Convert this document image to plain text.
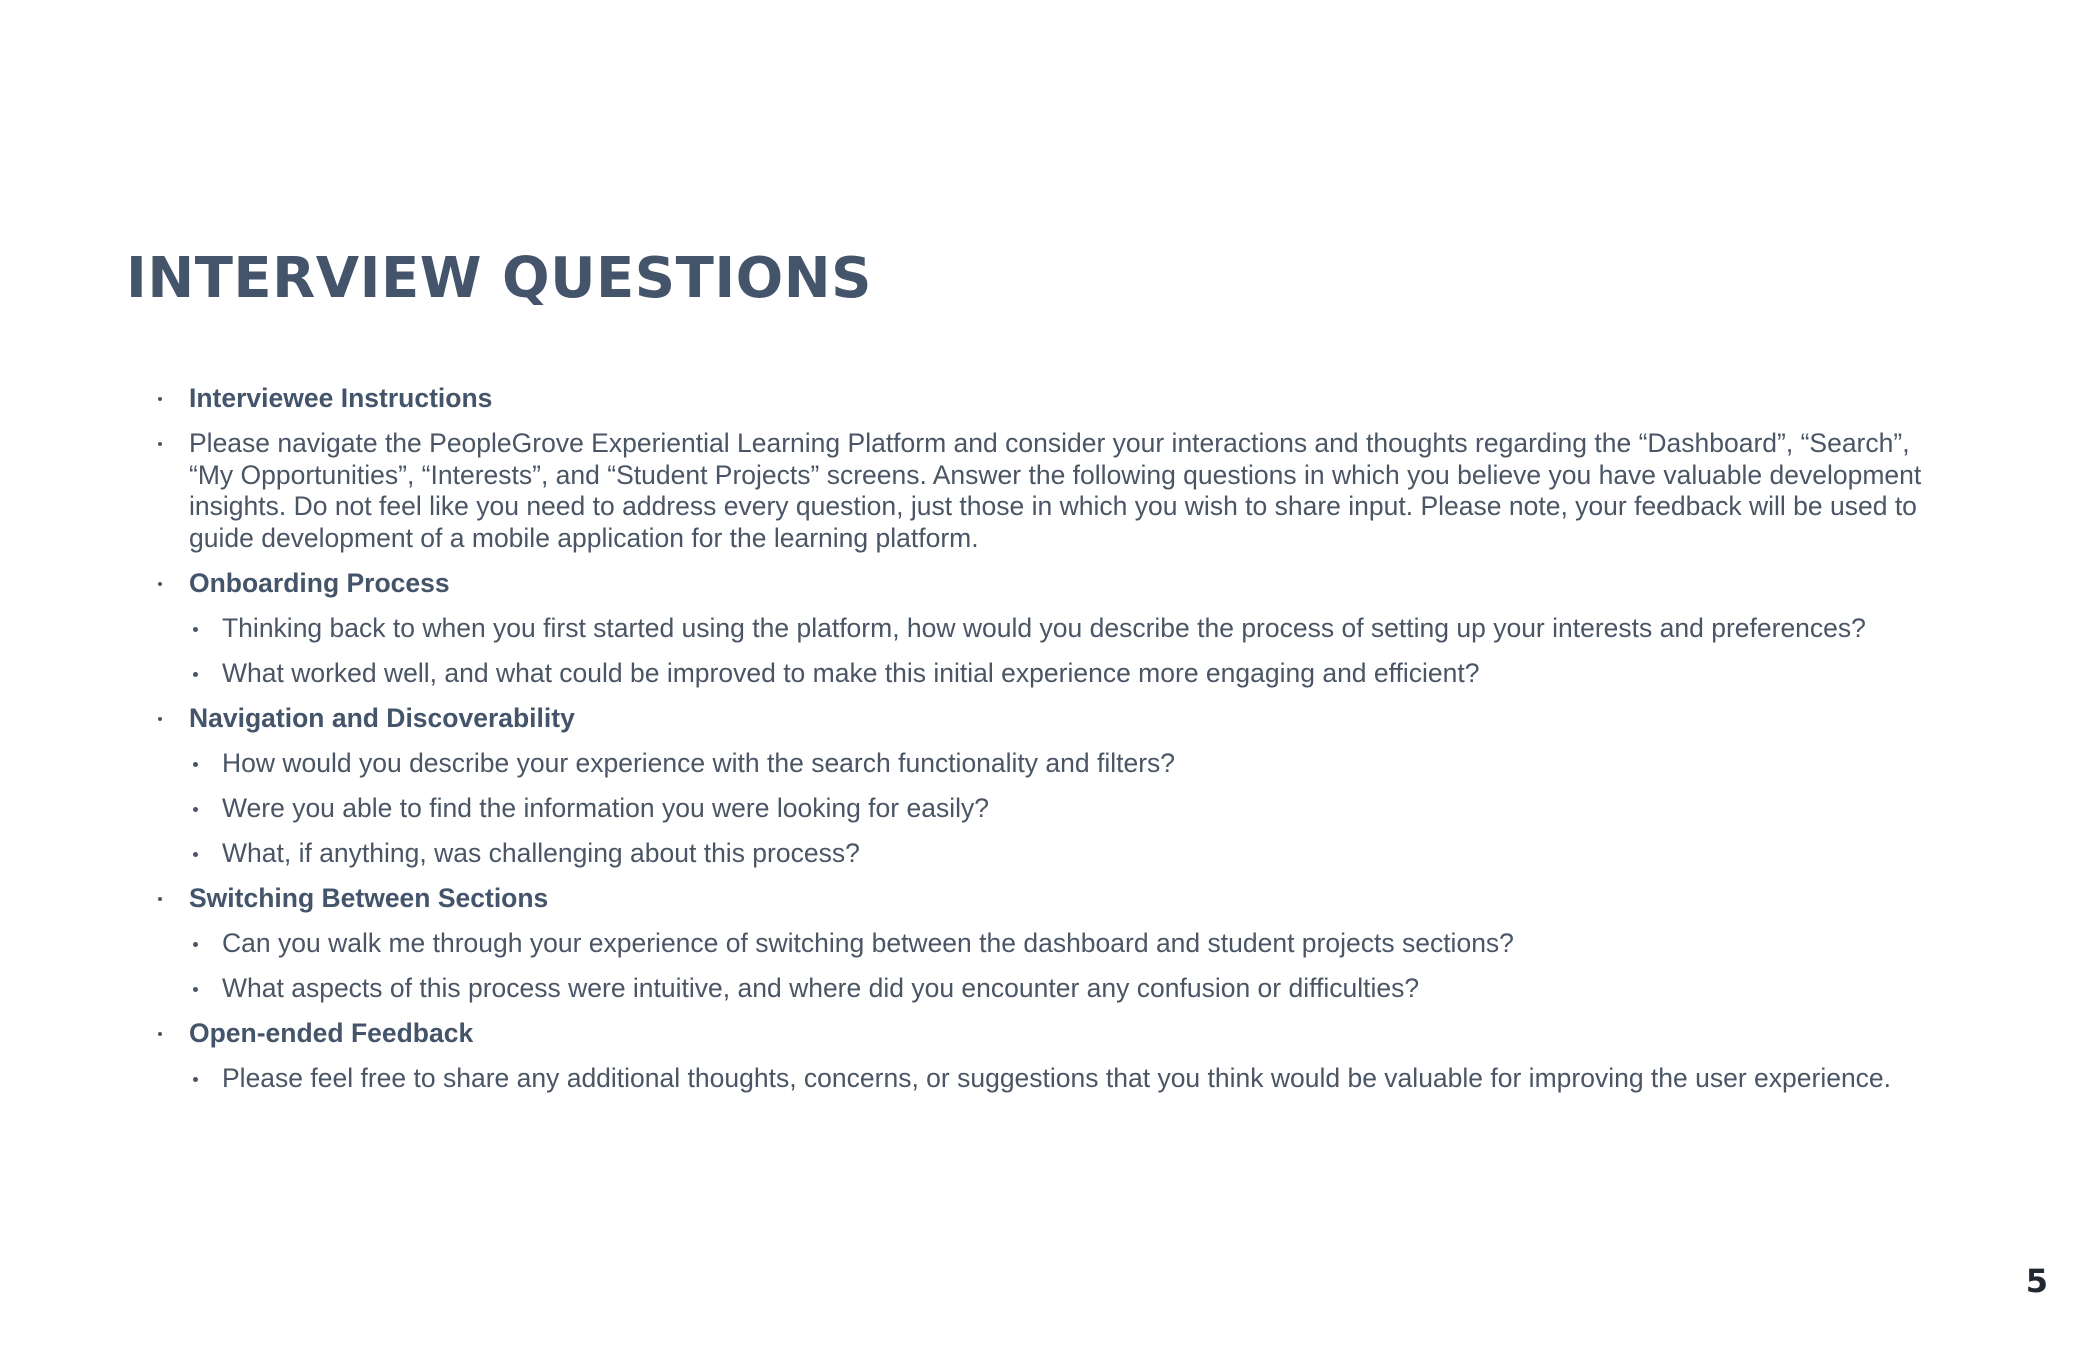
INTERVIEW QUESTIONS
Interviewee Instructions
Please navigate the PeopleGrove Experiential Learning Platform and consider your interactions and thoughts regarding the “Dashboard”, “Search”, “My Opportunities”, “Interests”, and “Student Projects” screens. Answer the following questions in which you believe you have valuable development insights. Do not feel like you need to address every question, just those in which you wish to share input. Please note, your feedback will be used to guide development of a mobile application for the learning platform.
Onboarding Process
Thinking back to when you first started using the platform, how would you describe the process of setting up your interests and preferences?
What worked well, and what could be improved to make this initial experience more engaging and efficient?
Navigation and Discoverability
How would you describe your experience with the search functionality and filters?
Were you able to find the information you were looking for easily?
What, if anything, was challenging about this process?
Switching Between Sections
Can you walk me through your experience of switching between the dashboard and student projects sections?
What aspects of this process were intuitive, and where did you encounter any confusion or difficulties?
Open-ended Feedback
Please feel free to share any additional thoughts, concerns, or suggestions that you think would be valuable for improving the user experience.
5
